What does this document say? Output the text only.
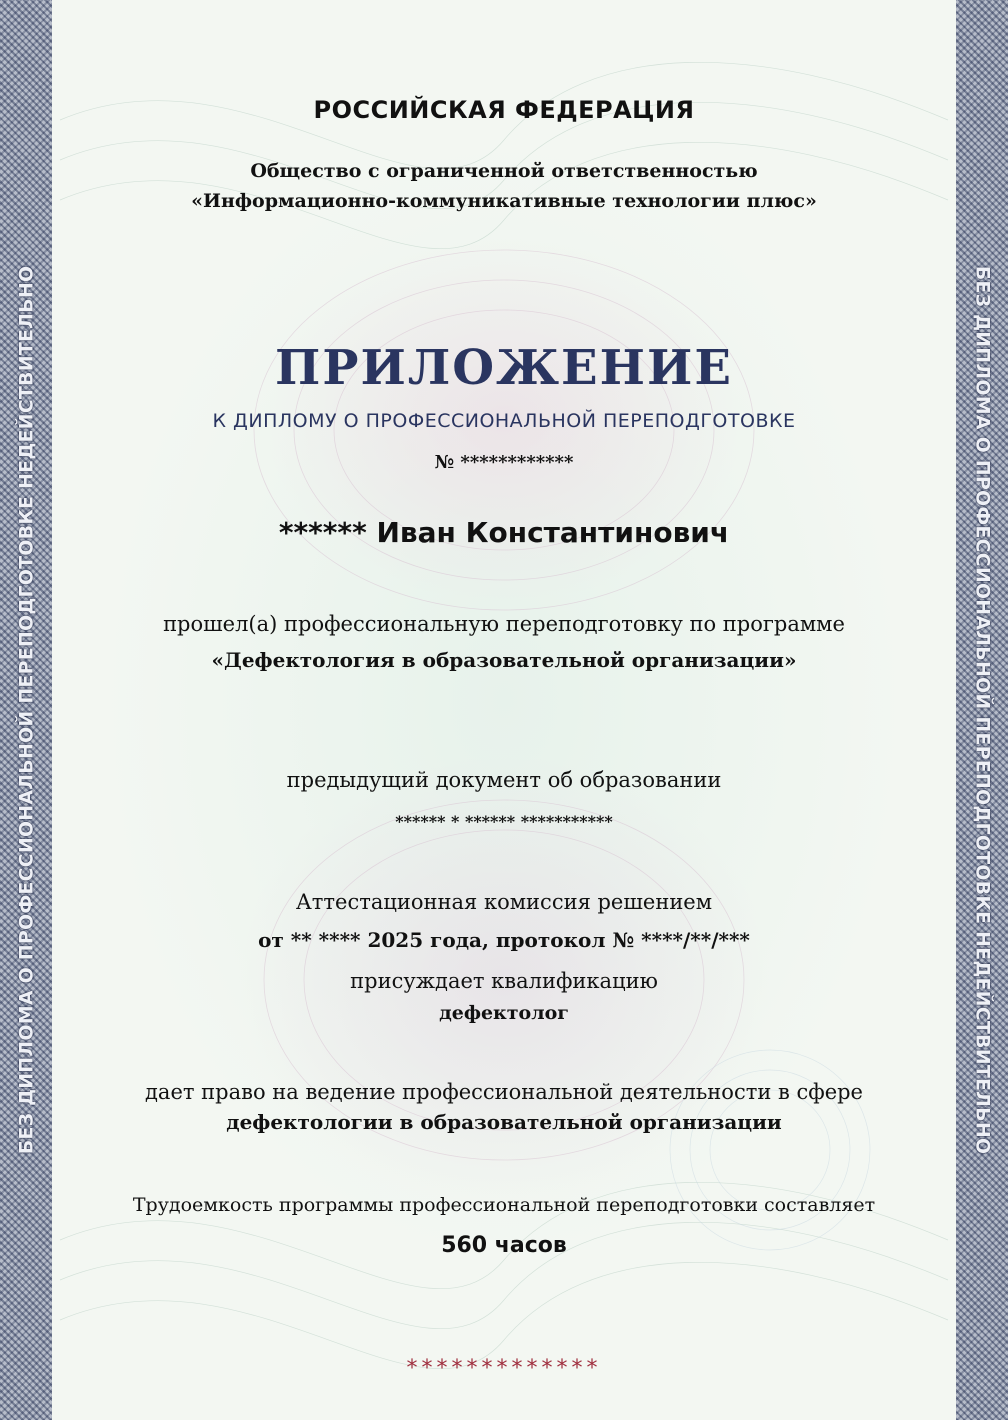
БЕЗ ДИПЛОМА О ПРОФЕССИОНАЛЬНОЙ ПЕРЕПОДГОТОВКЕ НЕДЕЙСТВИТЕЛЬНО	БЕЗ ДИПЛОМА О ПРОФЕССИОНАЛЬНОЙ ПЕРЕПОДГОТОВКЕ НЕДЕЙСТВИТЕЛЬНО
РОССИЙСКАЯ ФЕДЕРАЦИЯ
Общество с ограниченной ответственностью
«Информационно-коммуникативные технологии плюс»
ПРИЛОЖЕНИЕ
К ДИПЛОМУ О ПРОФЕССИОНАЛЬНОЙ ПЕРЕПОДГОТОВКЕ
№ ************
****** Иван Константинович
прошел(а) профессиональную переподготовку по программе
«Дефектология в образовательной организации»
предыдущий документ об образовании
****** * ****** ***********
Аттестационная комиссия решением
от ** **** 2025 года, протокол № ****/**/***
присуждает квалификацию
дефектолог
дает право на ведение профессиональной деятельности в сфере
дефектологии в образовательной организации
Трудоемкость программы профессиональной переподготовки составляет
560 часов
*************
